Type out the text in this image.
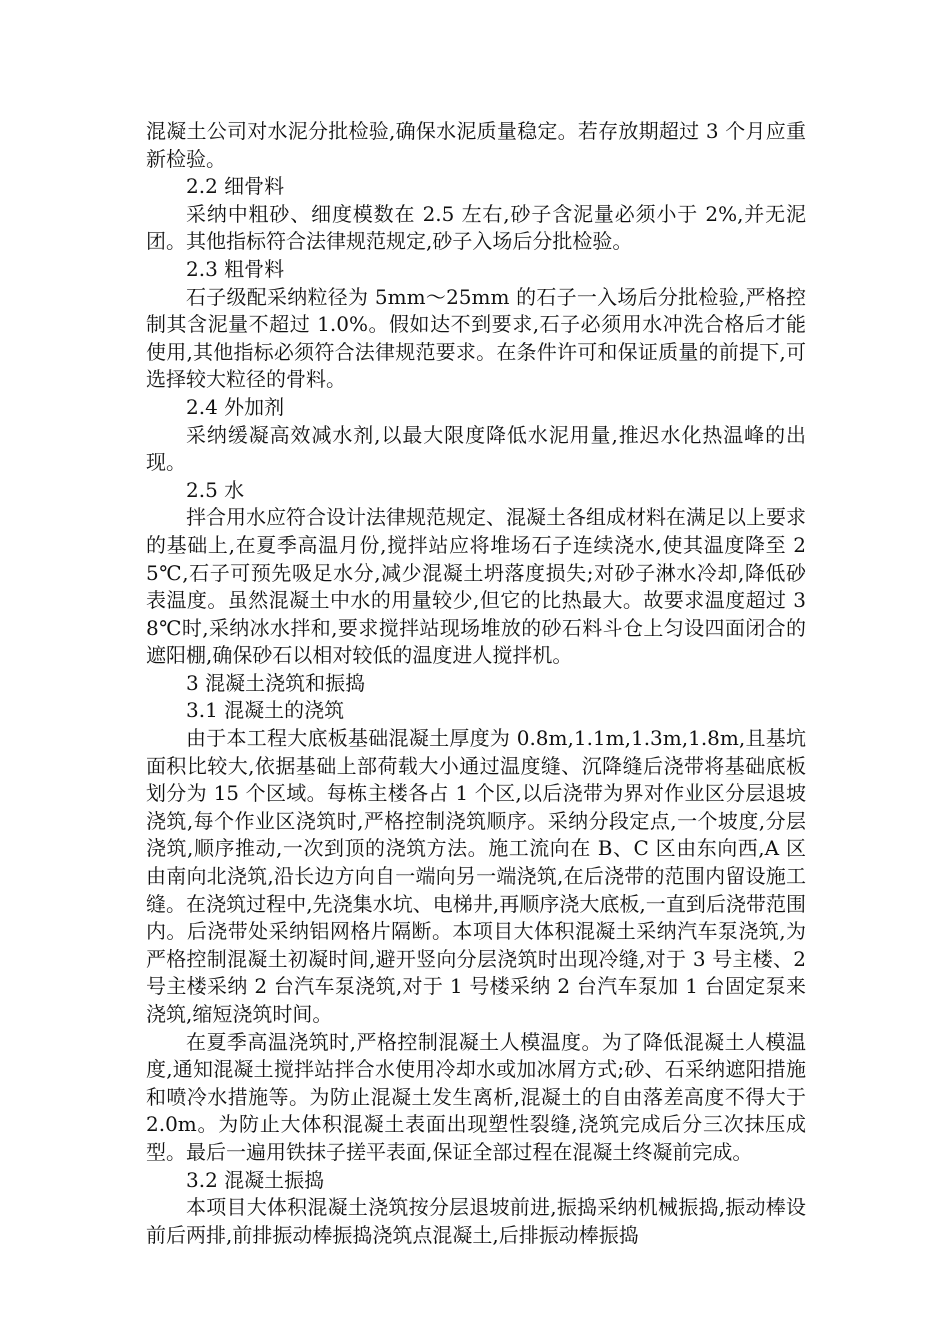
混凝土公司对水泥分批检验,确保水泥质量稳定。若存放期超过 3 个月应重新检验。

2.2 细骨料

采纳中粗砂、细度模数在 2.5 左右,砂子含泥量必须小于 2%,并无泥团。其他指标符合法律规范规定,砂子入场后分批检验。

2.3 粗骨料

石子级配采纳粒径为 5mm～25mm 的石子一入场后分批检验,严格控制其含泥量不超过 1.0%。假如达不到要求,石子必须用水冲洗合格后才能使用,其他指标必须符合法律规范要求。在条件许可和保证质量的前提下,可选择较大粒径的骨料。

2.4 外加剂

采纳缓凝高效减水剂,以最大限度降低水泥用量,推迟水化热温峰的出现。

2.5 水

拌合用水应符合设计法律规范规定、混凝土各组成材料在满足以上要求的基础上,在夏季高温月份,搅拌站应将堆场石子连续浇水,使其温度降至 25℃,石子可预先吸足水分,减少混凝土坍落度损失;对砂子淋水冷却,降低砂表温度。虽然混凝土中水的用量较少,但它的比热最大。故要求温度超过 38℃时,采纳冰水拌和,要求搅拌站现场堆放的砂石料斗仓上匀设四面闭合的遮阳棚,确保砂石以相对较低的温度进人搅拌机。

3 混凝土浇筑和振捣

3.1 混凝土的浇筑

由于本工程大底板基础混凝土厚度为 0.8m,1.1m,1.3m,1.8m,且基坑面积比较大,依据基础上部荷载大小通过温度缝、沉降缝后浇带将基础底板划分为 15 个区域。每栋主楼各占 1 个区,以后浇带为界对作业区分层退坡浇筑,每个作业区浇筑时,严格控制浇筑顺序。采纳分段定点,一个坡度,分层浇筑,顺序推动,一次到顶的浇筑方法。施工流向在 B、C 区由东向西,A 区由南向北浇筑,沿长边方向自一端向另一端浇筑,在后浇带的范围内留设施工缝。在浇筑过程中,先浇集水坑、电梯井,再顺序浇大底板,一直到后浇带范围内。后浇带处采纳铝网格片隔断。本项目大体积混凝土采纳汽车泵浇筑,为严格控制混凝土初凝时间,避开竖向分层浇筑时出现冷缝,对于 3 号主楼、2 号主楼采纳 2 台汽车泵浇筑,对于 1 号楼采纳 2 台汽车泵加 1 台固定泵来浇筑,缩短浇筑时间。

在夏季高温浇筑时,严格控制混凝土人模温度。为了降低混凝土人模温度,通知混凝土搅拌站拌合水使用冷却水或加冰屑方式;砂、石采纳遮阳措施和喷冷水措施等。为防止混凝土发生离析,混凝土的自由落差高度不得大于 2.0m。为防止大体积混凝土表面出现塑性裂缝,浇筑完成后分三次抹压成型。最后一遍用铁抹子搓平表面,保证全部过程在混凝土终凝前完成。

3.2 混凝土振捣

本项目大体积混凝土浇筑按分层退坡前进,振捣采纳机械振捣,振动棒设前后两排,前排振动棒振捣浇筑点混凝土,后排振动棒振捣
